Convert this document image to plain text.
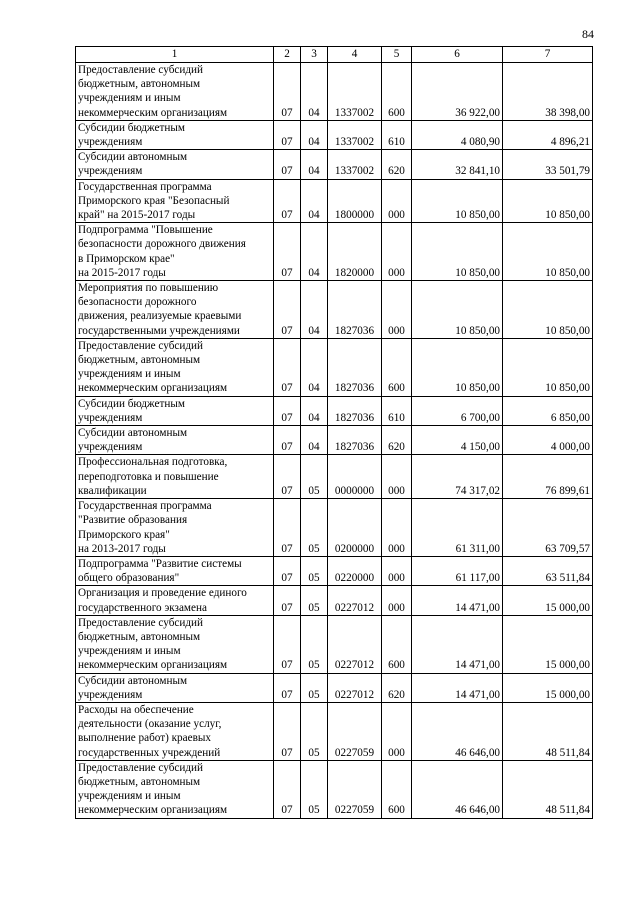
84
1	2	3	4	5	6	7
Предоставление субсидий
бюджетным, автономным
учреждениям и иным
некоммерческим организациям	07	04	1337002	600	36 922,00	38 398,00
Субсидии бюджетным
учреждениям	07	04	1337002	610	4 080,90	4 896,21
Субсидии автономным
учреждениям	07	04	1337002	620	32 841,10	33 501,79
Государственная программа
Приморского края "Безопасный
край" на 2015-2017 годы	07	04	1800000	000	10 850,00	10 850,00
Подпрограмма "Повышение
безопасности дорожного движения
в Приморском крае"
на 2015-2017 годы	07	04	1820000	000	10 850,00	10 850,00
Мероприятия по повышению
безопасности дорожного
движения, реализуемые краевыми
государственными учреждениями	07	04	1827036	000	10 850,00	10 850,00
Предоставление субсидий
бюджетным, автономным
учреждениям и иным
некоммерческим организациям	07	04	1827036	600	10 850,00	10 850,00
Субсидии бюджетным
учреждениям	07	04	1827036	610	6 700,00	6 850,00
Субсидии автономным
учреждениям	07	04	1827036	620	4 150,00	4 000,00
Профессиональная подготовка,
переподготовка и повышение
квалификации	07	05	0000000	000	74 317,02	76 899,61
Государственная программа
"Развитие образования
Приморского края"
на 2013-2017 годы	07	05	0200000	000	61 311,00	63 709,57
Подпрограмма "Развитие системы
общего образования"	07	05	0220000	000	61 117,00	63 511,84
Организация и проведение единого
государственного экзамена	07	05	0227012	000	14 471,00	15 000,00
Предоставление субсидий
бюджетным, автономным
учреждениям и иным
некоммерческим организациям	07	05	0227012	600	14 471,00	15 000,00
Субсидии автономным
учреждениям	07	05	0227012	620	14 471,00	15 000,00
Расходы на обеспечение
деятельности (оказание услуг,
выполнение работ) краевых
государственных учреждений	07	05	0227059	000	46 646,00	48 511,84
Предоставление субсидий
бюджетным, автономным
учреждениям и иным
некоммерческим организациям	07	05	0227059	600	46 646,00	48 511,84
